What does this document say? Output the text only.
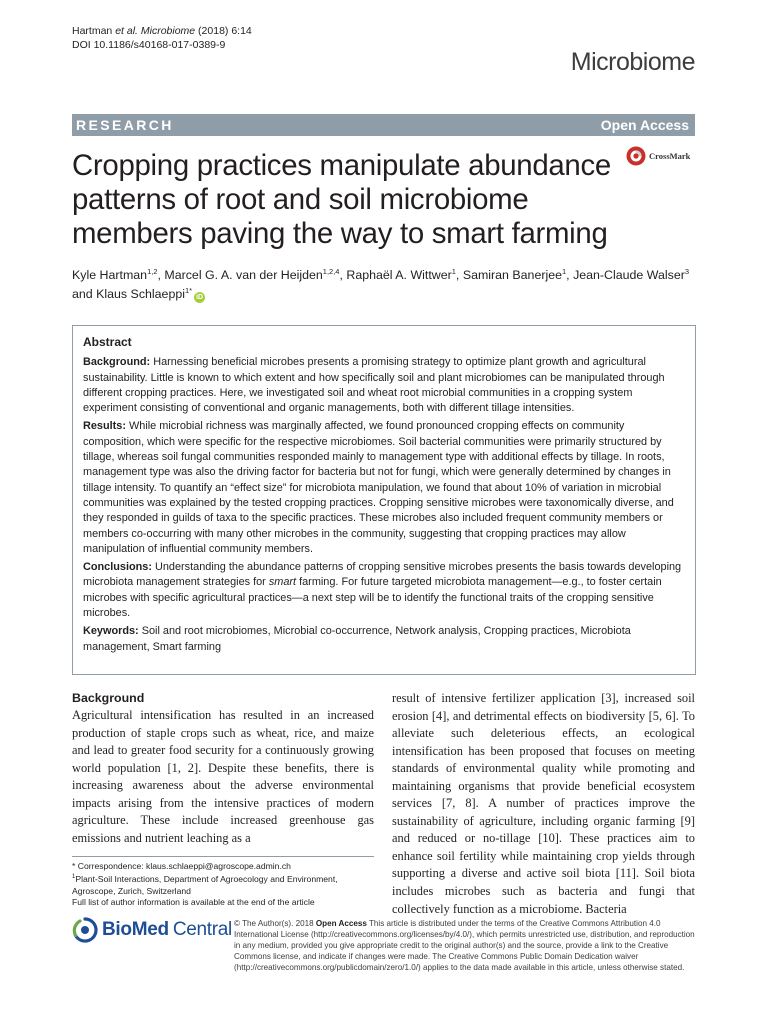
Hartman et al. Microbiome (2018) 6:14
DOI 10.1186/s40168-017-0389-9
Microbiome
RESEARCH	Open Access
Cropping practices manipulate abundance patterns of root and soil microbiome members paving the way to smart farming
CrossMark
Kyle Hartman$^{1,2}$, Marcel G. A. van der Heijden$^{1,2,4}$, Raphaël A. Wittwer$^1$, Samiran Banerjee$^1$, Jean-Claude Walser$^3$
and Klaus Schlaeppi$^{1*}$iD
Abstract

Background: Harnessing beneficial microbes presents a promising strategy to optimize plant growth and agricultural sustainability. Little is known to which extent and how specifically soil and plant microbiomes can be manipulated through different cropping practices. Here, we investigated soil and wheat root microbial communities in a cropping system experiment consisting of conventional and organic managements, both with different tillage intensities.

Results: While microbial richness was marginally affected, we found pronounced cropping effects on community composition, which were specific for the respective microbiomes. Soil bacterial communities were primarily structured by tillage, whereas soil fungal communities responded mainly to management type with additional effects by tillage. In roots, management type was also the driving factor for bacteria but not for fungi, which were generally determined by changes in tillage intensity. To quantify an “effect size” for microbiota manipulation, we found that about 10% of variation in microbial communities was explained by the tested cropping practices. Cropping sensitive microbes were taxonomically diverse, and they responded in guilds of taxa to the specific practices. These microbes also included frequent community members or members co-occurring with many other microbes in the community, suggesting that cropping practices may allow manipulation of influential community members.

Conclusions: Understanding the abundance patterns of cropping sensitive microbes presents the basis towards developing microbiota management strategies for smart farming. For future targeted microbiota management—e.g., to foster certain microbes with specific agricultural practices—a next step will be to identify the functional traits of the cropping sensitive microbes.

Keywords: Soil and root microbiomes, Microbial co-occurrence, Network analysis, Cropping practices, Microbiota management, Smart farming

Background

Agricultural intensification has resulted in an increased production of staple crops such as wheat, rice, and maize and lead to greater food security for a continuously growing world population [1, 2]. Despite these benefits, there is increasing awareness about the adverse environmental impacts arising from the intensive practices of modern agriculture. These include increased greenhouse gas emissions and nutrient leaching as a

result of intensive fertilizer application [3], increased soil erosion [4], and detrimental effects on biodiversity [5, 6]. To alleviate such deleterious effects, an ecological intensification has been proposed that focuses on meeting standards of environmental quality while promoting and maintaining organisms that provide beneficial ecosystem services [7, 8]. A number of practices improve the sustainability of agriculture, including organic farming [9] and reduced or no-tillage [10]. These practices aim to enhance soil fertility while maintaining crop yields through supporting a diverse and active soil biota [11]. Soil biota includes microbes such as bacteria and fungi that collectively function as a microbiome. Bacteria

* Correspondence: klaus.schlaeppi@agroscope.admin.ch

$^1$Plant-Soil Interactions, Department of Agroecology and Environment, Agroscope, Zurich, Switzerland

Full list of author information is available at the end of the article

BioMed Central © The Author(s). 2018 Open Access This article is distributed under the terms of the Creative Commons Attribution 4.0 International License (http://creativecommons.org/licenses/by/4.0/), which permits unrestricted use, distribution, and reproduction in any medium, provided you give appropriate credit to the original author(s) and the source, provide a link to the Creative Commons license, and indicate if changes were made. The Creative Commons Public Domain Dedication waiver (http://creativecommons.org/publicdomain/zero/1.0/) applies to the data made available in this article, unless otherwise stated.
